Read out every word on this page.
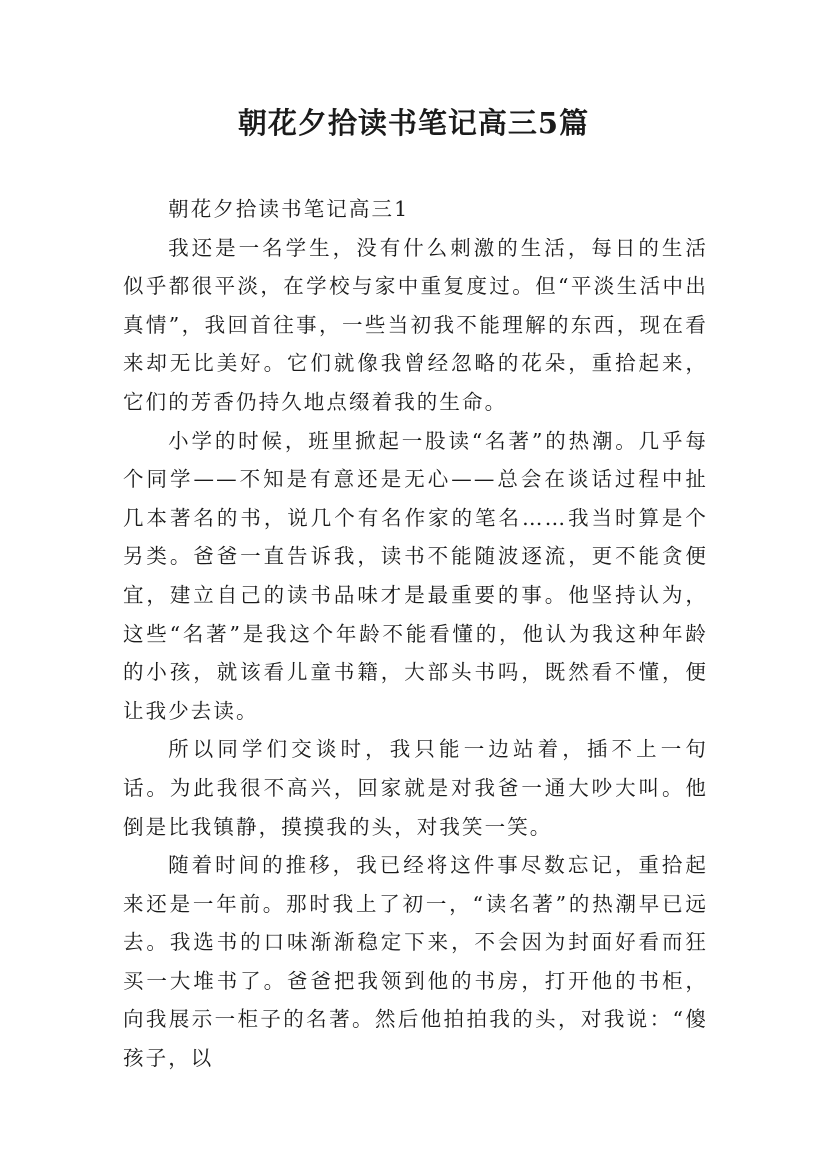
朝花夕拾读书笔记高三5篇

朝花夕拾读书笔记高三1

我还是一名学生，没有什么刺激的生活，每日的生活似乎都很平淡，在学校与家中重复度过。但“平淡生活中出真情”，我回首往事，一些当初我不能理解的东西，现在看来却无比美好。它们就像我曾经忽略的花朵，重拾起来，它们的芳香仍持久地点缀着我的生命。

小学的时候，班里掀起一股读“名著”的热潮。几乎每个同学——不知是有意还是无心——总会在谈话过程中扯几本著名的书，说几个有名作家的笔名……我当时算是个另类。爸爸一直告诉我，读书不能随波逐流，更不能贪便宜，建立自己的读书品味才是最重要的事。他坚持认为，这些“名著”是我这个年龄不能看懂的，他认为我这种年龄的小孩，就该看儿童书籍，大部头书吗，既然看不懂，便让我少去读。

所以同学们交谈时，我只能一边站着，插不上一句话。为此我很不高兴，回家就是对我爸一通大吵大叫。他倒是比我镇静，摸摸我的头，对我笑一笑。

随着时间的推移，我已经将这件事尽数忘记，重拾起来还是一年前。那时我上了初一，“读名著”的热潮早已远去。我选书的口味渐渐稳定下来，不会因为封面好看而狂买一大堆书了。爸爸把我领到他的书房，打开他的书柜，向我展示一柜子的名著。然后他拍拍我的头，对我说：“傻孩子，以
